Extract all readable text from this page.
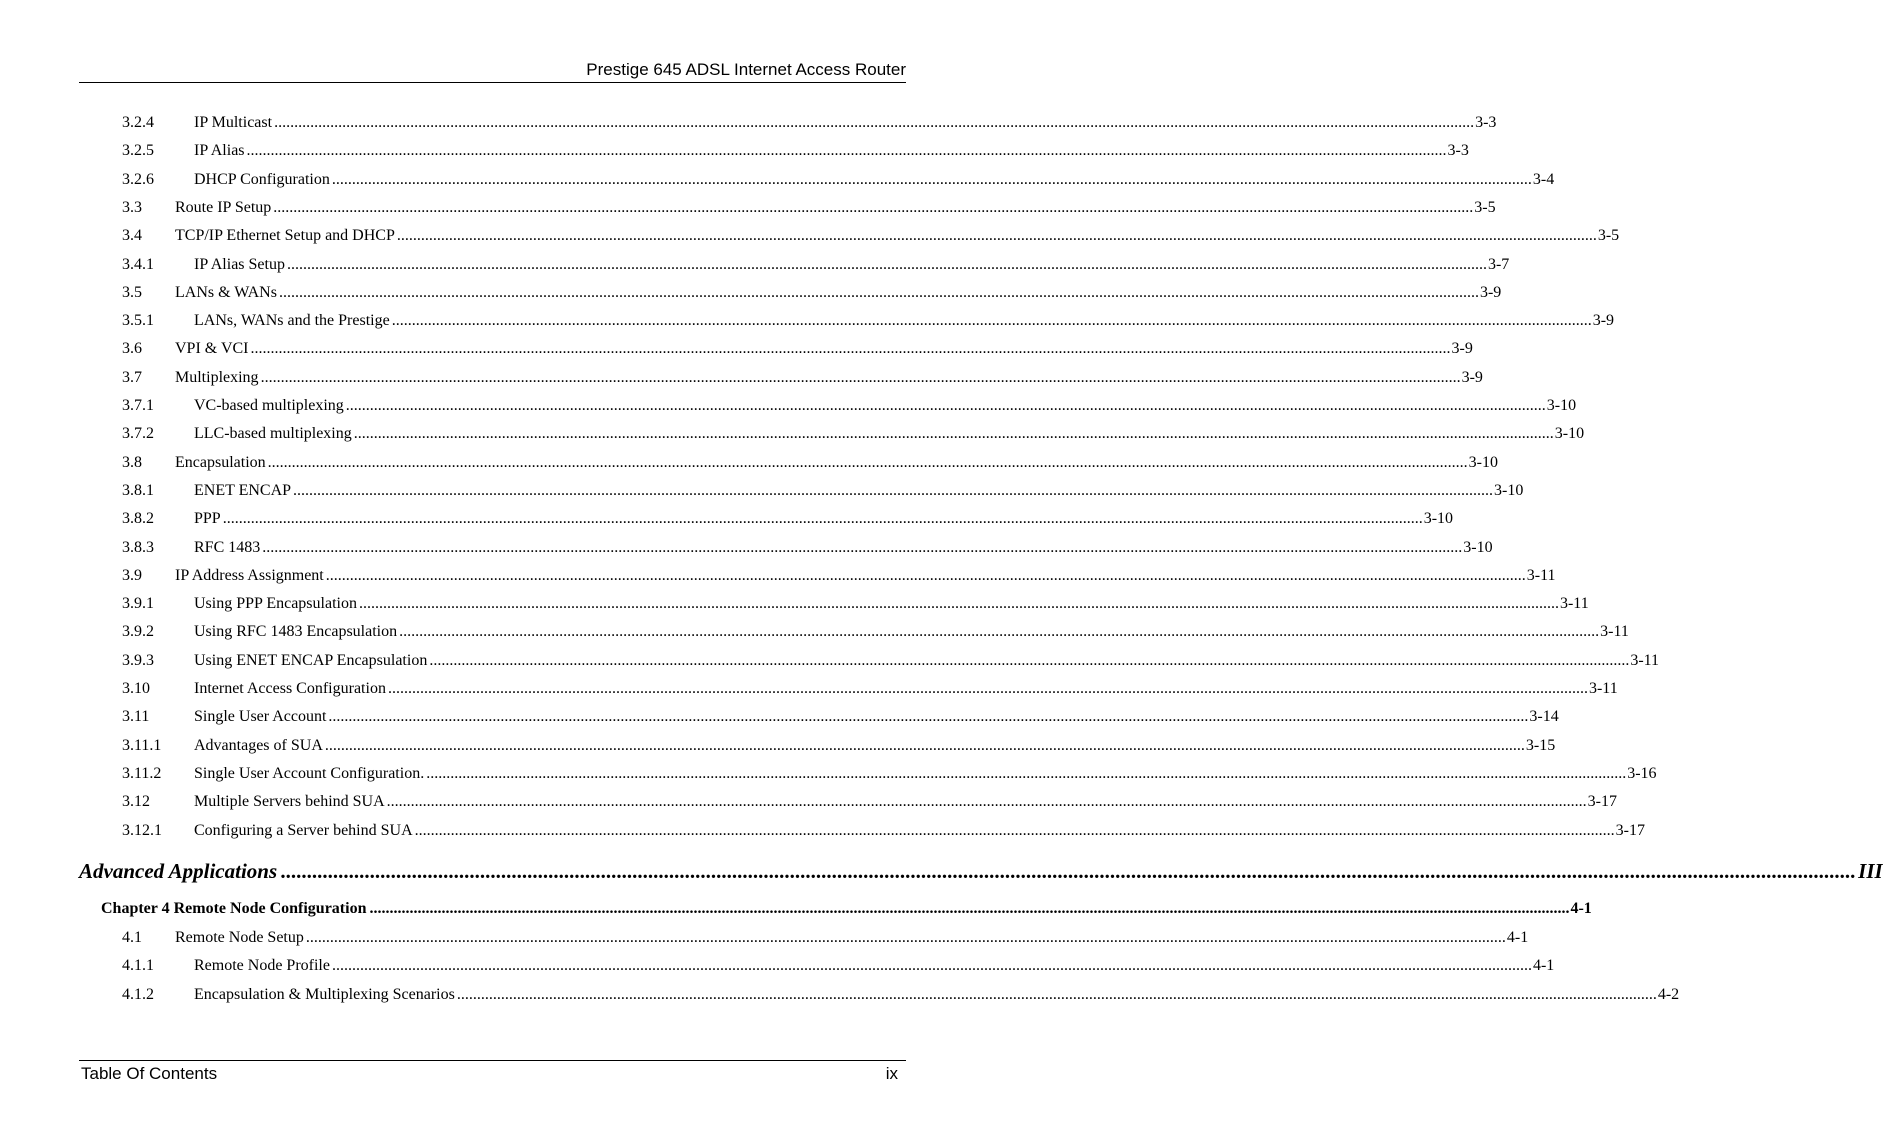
Prestige 645 ADSL Internet Access Router
3.2.4	IP Multicast ............................................................................................................................................................................................................................................................................................................ 3-3
3.2.5	IP Alias ............................................................................................................................................................................................................................................................................................................ 3-3
3.2.6	DHCP Configuration ............................................................................................................................................................................................................................................................................................................ 3-4
3.3 Route IP Setup ............................................................................................................................................................................................................................................................................................................ 3-5
3.4 TCP/IP Ethernet Setup and DHCP ............................................................................................................................................................................................................................................................................................................ 3-5
3.4.1	IP Alias Setup ............................................................................................................................................................................................................................................................................................................ 3-7
3.5 LANs & WANs ............................................................................................................................................................................................................................................................................................................ 3-9
3.5.1	LANs, WANs and the Prestige ............................................................................................................................................................................................................................................................................................................ 3-9
3.6 VPI & VCI ............................................................................................................................................................................................................................................................................................................ 3-9
3.7 Multiplexing ............................................................................................................................................................................................................................................................................................................ 3-9
3.7.1	VC-based multiplexing ............................................................................................................................................................................................................................................................................................................ 3-10
3.7.2	LLC-based multiplexing ............................................................................................................................................................................................................................................................................................................ 3-10
3.8 Encapsulation ............................................................................................................................................................................................................................................................................................................ 3-10
3.8.1	ENET ENCAP ............................................................................................................................................................................................................................................................................................................ 3-10
3.8.2	PPP ............................................................................................................................................................................................................................................................................................................ 3-10
3.8.3	RFC 1483 ............................................................................................................................................................................................................................................................................................................ 3-10
3.9 IP Address Assignment ............................................................................................................................................................................................................................................................................................................ 3-11
3.9.1	Using PPP Encapsulation ............................................................................................................................................................................................................................................................................................................ 3-11
3.9.2	Using RFC 1483 Encapsulation ............................................................................................................................................................................................................................................................................................................ 3-11
3.9.3	Using ENET ENCAP Encapsulation ............................................................................................................................................................................................................................................................................................................ 3-11
3.10	Internet Access Configuration ............................................................................................................................................................................................................................................................................................................ 3-11
3.11	Single User Account ............................................................................................................................................................................................................................................................................................................ 3-14
3.11.1 Advantages of SUA ............................................................................................................................................................................................................................................................................................................ 3-15
3.11.2 Single User Account Configuration. ............................................................................................................................................................................................................................................................................................................ 3-16
3.12	Multiple Servers behind SUA ............................................................................................................................................................................................................................................................................................................ 3-17
3.12.1 Configuring a Server behind SUA ............................................................................................................................................................................................................................................................................................................ 3-17
Advanced Applications ............................................................................................................................................................................................................................................................................................................ III
Chapter 4 Remote Node Configuration ............................................................................................................................................................................................................................................................................................................ 4-1
4.1 Remote Node Setup ............................................................................................................................................................................................................................................................................................................ 4-1
4.1.1	Remote Node Profile ............................................................................................................................................................................................................................................................................................................ 4-1
4.1.2	Encapsulation & Multiplexing Scenarios ............................................................................................................................................................................................................................................................................................................ 4-2
Table Of Contents	ix
